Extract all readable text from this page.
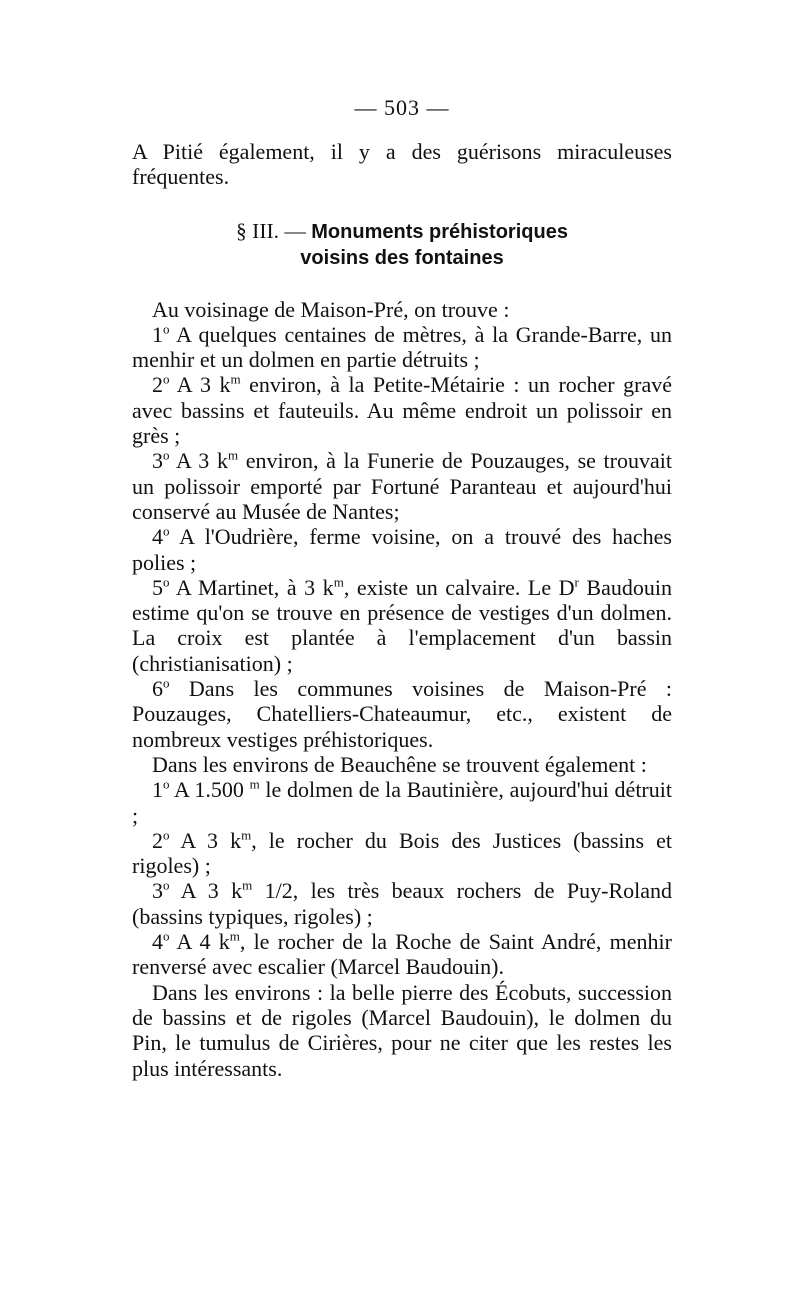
— 503 —

A Pitié également, il y a des guérisons miraculeuses fréquentes.

§ III. — Monuments préhistoriques
voisins des fontaines

Au voisinage de Maison-Pré, on trouve :

1$^o$ A quelques centaines de mètres, à la Grande-Barre, un menhir et un dolmen en partie détruits ;

2$^o$ A 3 $k^m$ environ, à la Petite-Métairie : un rocher gravé avec bassins et fauteuils. Au même endroit un polissoir en grès ;

3$^o$ A 3 $k^m$ environ, à la Funerie de Pouzauges, se trouvait un polissoir emporté par Fortuné Paranteau et aujourd'hui conservé au Musée de Nantes;

4$^o$ A l'Oudrière, ferme voisine, on a trouvé des haches polies ;

5$^o$ A Martinet, à 3 $k^m$, existe un calvaire. Le $D^r$ Baudouin estime qu'on se trouve en présence de vestiges d'un dolmen. La croix est plantée à l'emplacement d'un bassin (christianisation) ;

6$^o$ Dans les communes voisines de Maison-Pré : Pouzauges, Chatelliers-Chateaumur, etc., existent de nombreux vestiges préhistoriques.

Dans les environs de Beauchêne se trouvent également :

1$^o$ A 1.500 $^m$ le dolmen de la Bautinière, aujourd'hui détruit ;

2$^o$ A 3 $k^m$, le rocher du Bois des Justices (bassins et rigoles) ;

3$^o$ A 3 $k^m$ 1/2, les très beaux rochers de Puy-Roland (bassins typiques, rigoles) ;

4$^o$ A 4 $k^m$, le rocher de la Roche de Saint André, menhir renversé avec escalier (Marcel Baudouin).

Dans les environs : la belle pierre des Écobuts, succession de bassins et de rigoles (Marcel Baudouin), le dolmen du Pin, le tumulus de Cirières, pour ne citer que les restes les plus intéressants.
